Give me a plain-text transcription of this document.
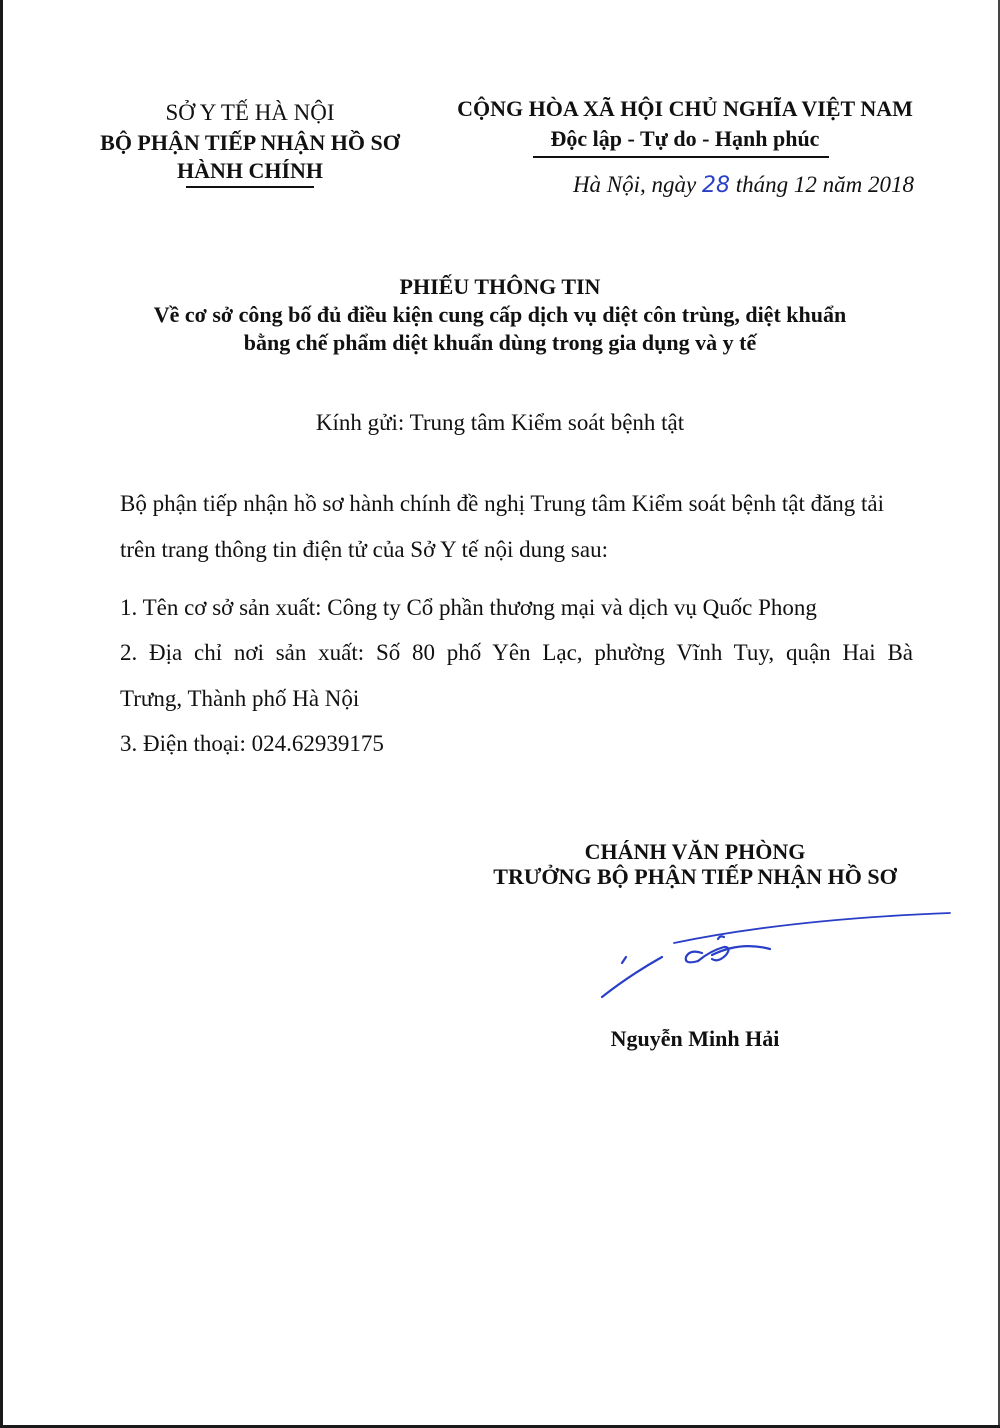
SỞ Y TẾ HÀ NỘI
BỘ PHẬN TIẾP NHẬN HỒ SƠ
HÀNH CHÍNH
CỘNG HÒA XÃ HỘI CHỦ NGHĨA VIỆT NAM
Độc lập - Tự do - Hạnh phúc
Hà Nội, ngày 28 tháng 12 năm 2018
PHIẾU THÔNG TIN
Về cơ sở công bố đủ điều kiện cung cấp dịch vụ diệt côn trùng, diệt khuẩn
bằng chế phẩm diệt khuẩn dùng trong gia dụng và y tế
Kính gửi: Trung tâm Kiểm soát bệnh tật
Bộ phận tiếp nhận hồ sơ hành chính đề nghị Trung tâm Kiểm soát bệnh tật đăng tải
trên trang thông tin điện tử của Sở Y tế nội dung sau:
1. Tên cơ sở sản xuất: Công ty Cổ phần thương mại và dịch vụ Quốc Phong
2. Địa chỉ nơi sản xuất: Số 80 phố Yên Lạc, phường Vĩnh Tuy, quận Hai Bà
Trưng, Thành phố Hà Nội
3. Điện thoại: 024.62939175
CHÁNH VĂN PHÒNG
TRƯỞNG BỘ PHẬN TIẾP NHẬN HỒ SƠ
Nguyễn Minh Hải
